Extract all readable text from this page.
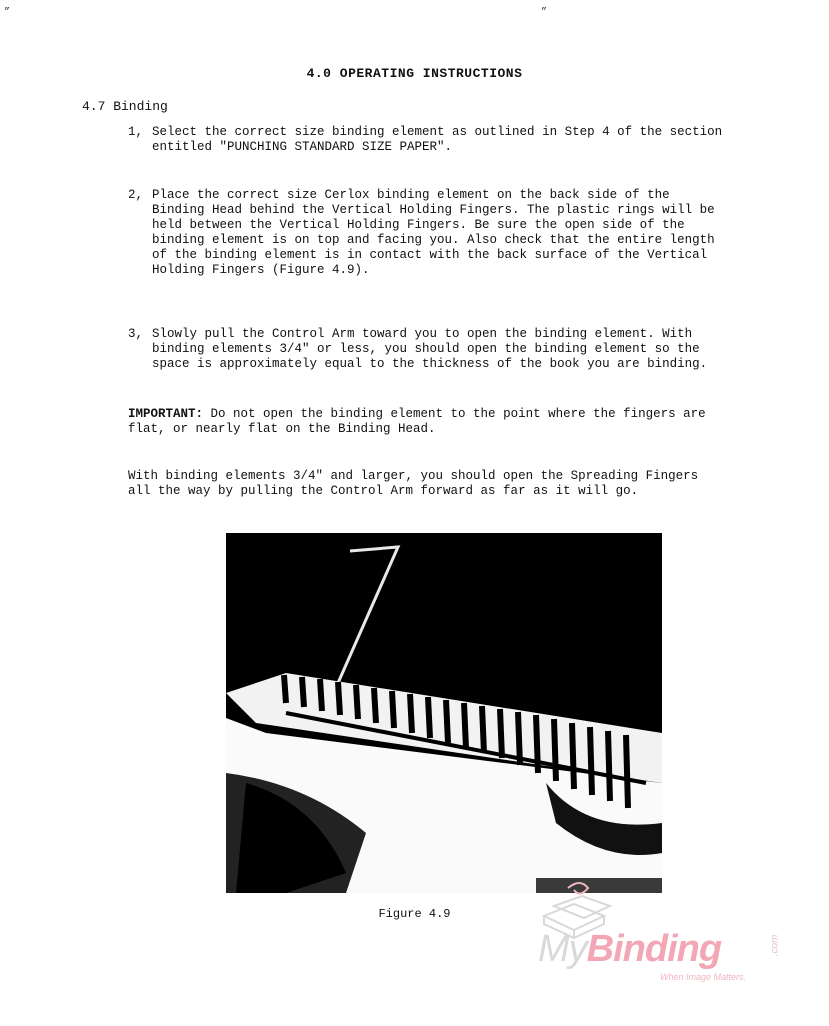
„	„
4.0 OPERATING INSTRUCTIONS
4.7 Binding
1, Select the correct size binding element as outlined in Step 4 of the section entitled "PUNCHING STANDARD SIZE PAPER".
2, Place the correct size Cerlox binding element on the back side of the Binding Head behind the Vertical Holding Fingers. The plastic rings will be held between the Vertical Holding Fingers. Be sure the open side of the binding element is on top and facing you. Also check that the entire length of the binding element is in contact with the back surface of the Vertical Holding Fingers (Figure 4.9).
3, Slowly pull the Control Arm toward you to open the binding element. With binding elements 3/4" or less, you should open the binding element so the space is approximately equal to the thickness of the book you are binding.
IMPORTANT: Do not open the binding element to the point where the fingers are flat, or nearly flat on the Binding Head.
With binding elements 3/4" and larger, you should open the Spreading Fingers all the way by pulling the Control Arm forward as far as it will go.
Figure 4.9
MyBinding	.com
When Image Matters.
